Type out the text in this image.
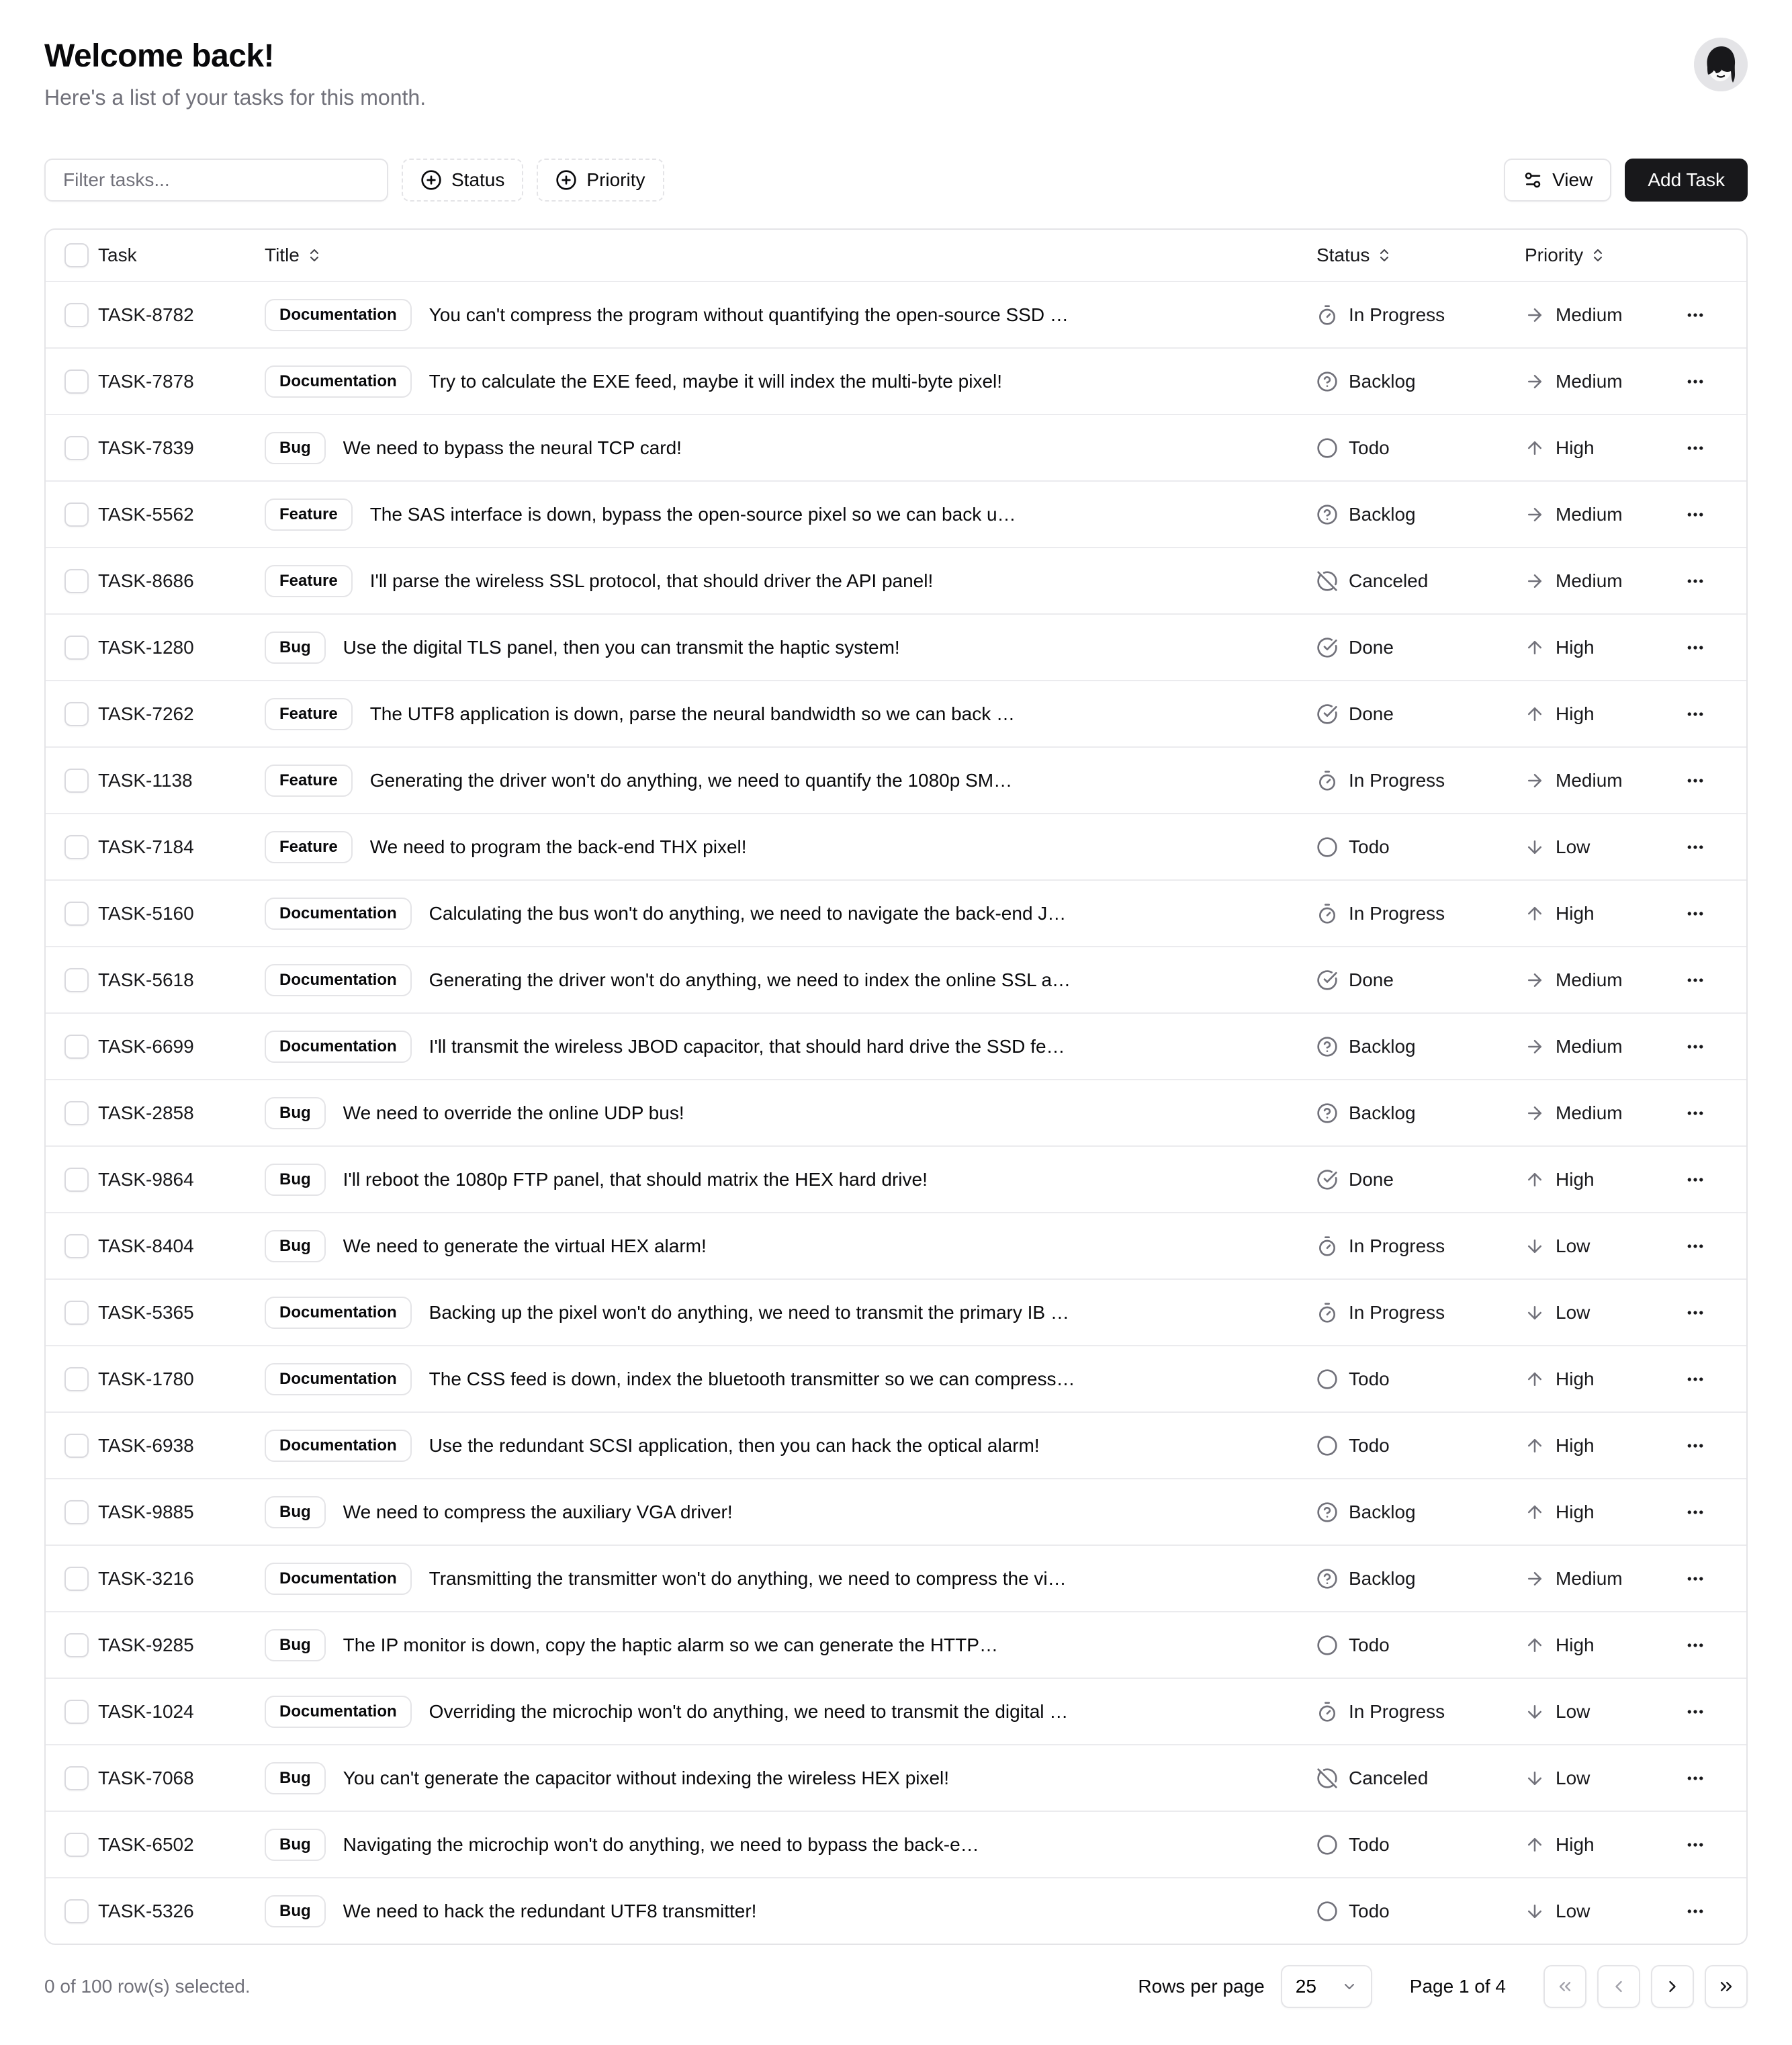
Welcome back!
Here's a list of your tasks for this month.
Filter tasks...
Status	Priority	View	Add Task
Task	Title	Status	Priority
TASK-8782	Documentation	You can't compress the program without quantifying the open-source SSD …	In Progress	Medium
TASK-7878	Documentation	Try to calculate the EXE feed, maybe it will index the multi-byte pixel!	Backlog	Medium
TASK-7839	Bug	We need to bypass the neural TCP card!	Todo	High
TASK-5562	Feature	The SAS interface is down, bypass the open-source pixel so we can back u…	Backlog	Medium
TASK-8686	Feature	I'll parse the wireless SSL protocol, that should driver the API panel!	Canceled	Medium
TASK-1280	Bug	Use the digital TLS panel, then you can transmit the haptic system!	Done	High
TASK-7262	Feature	The UTF8 application is down, parse the neural bandwidth so we can back …	Done	High
TASK-1138	Feature	Generating the driver won't do anything, we need to quantify the 1080p SM…	In Progress	Medium
TASK-7184	Feature	We need to program the back-end THX pixel!	Todo	Low
TASK-5160	Documentation	Calculating the bus won't do anything, we need to navigate the back-end J…	In Progress	High
TASK-5618	Documentation	Generating the driver won't do anything, we need to index the online SSL a…	Done	Medium
TASK-6699	Documentation	I'll transmit the wireless JBOD capacitor, that should hard drive the SSD fe…	Backlog	Medium
TASK-2858	Bug	We need to override the online UDP bus!	Backlog	Medium
TASK-9864	Bug	I'll reboot the 1080p FTP panel, that should matrix the HEX hard drive!	Done	High
TASK-8404	Bug	We need to generate the virtual HEX alarm!	In Progress	Low
TASK-5365	Documentation	Backing up the pixel won't do anything, we need to transmit the primary IB …	In Progress	Low
TASK-1780	Documentation	The CSS feed is down, index the bluetooth transmitter so we can compress…	Todo	High
TASK-6938	Documentation	Use the redundant SCSI application, then you can hack the optical alarm!	Todo	High
TASK-9885	Bug	We need to compress the auxiliary VGA driver!	Backlog	High
TASK-3216	Documentation	Transmitting the transmitter won't do anything, we need to compress the vi…	Backlog	Medium
TASK-9285	Bug	The IP monitor is down, copy the haptic alarm so we can generate the HTTP…	Todo	High
TASK-1024	Documentation	Overriding the microchip won't do anything, we need to transmit the digital …	In Progress	Low
TASK-7068	Bug	You can't generate the capacitor without indexing the wireless HEX pixel!	Canceled	Low
TASK-6502	Bug	Navigating the microchip won't do anything, we need to bypass the back-e…	Todo	High
TASK-5326	Bug	We need to hack the redundant UTF8 transmitter!	Todo	Low
0 of 100 row(s) selected.	Rows per page 25	Page 1 of 4
